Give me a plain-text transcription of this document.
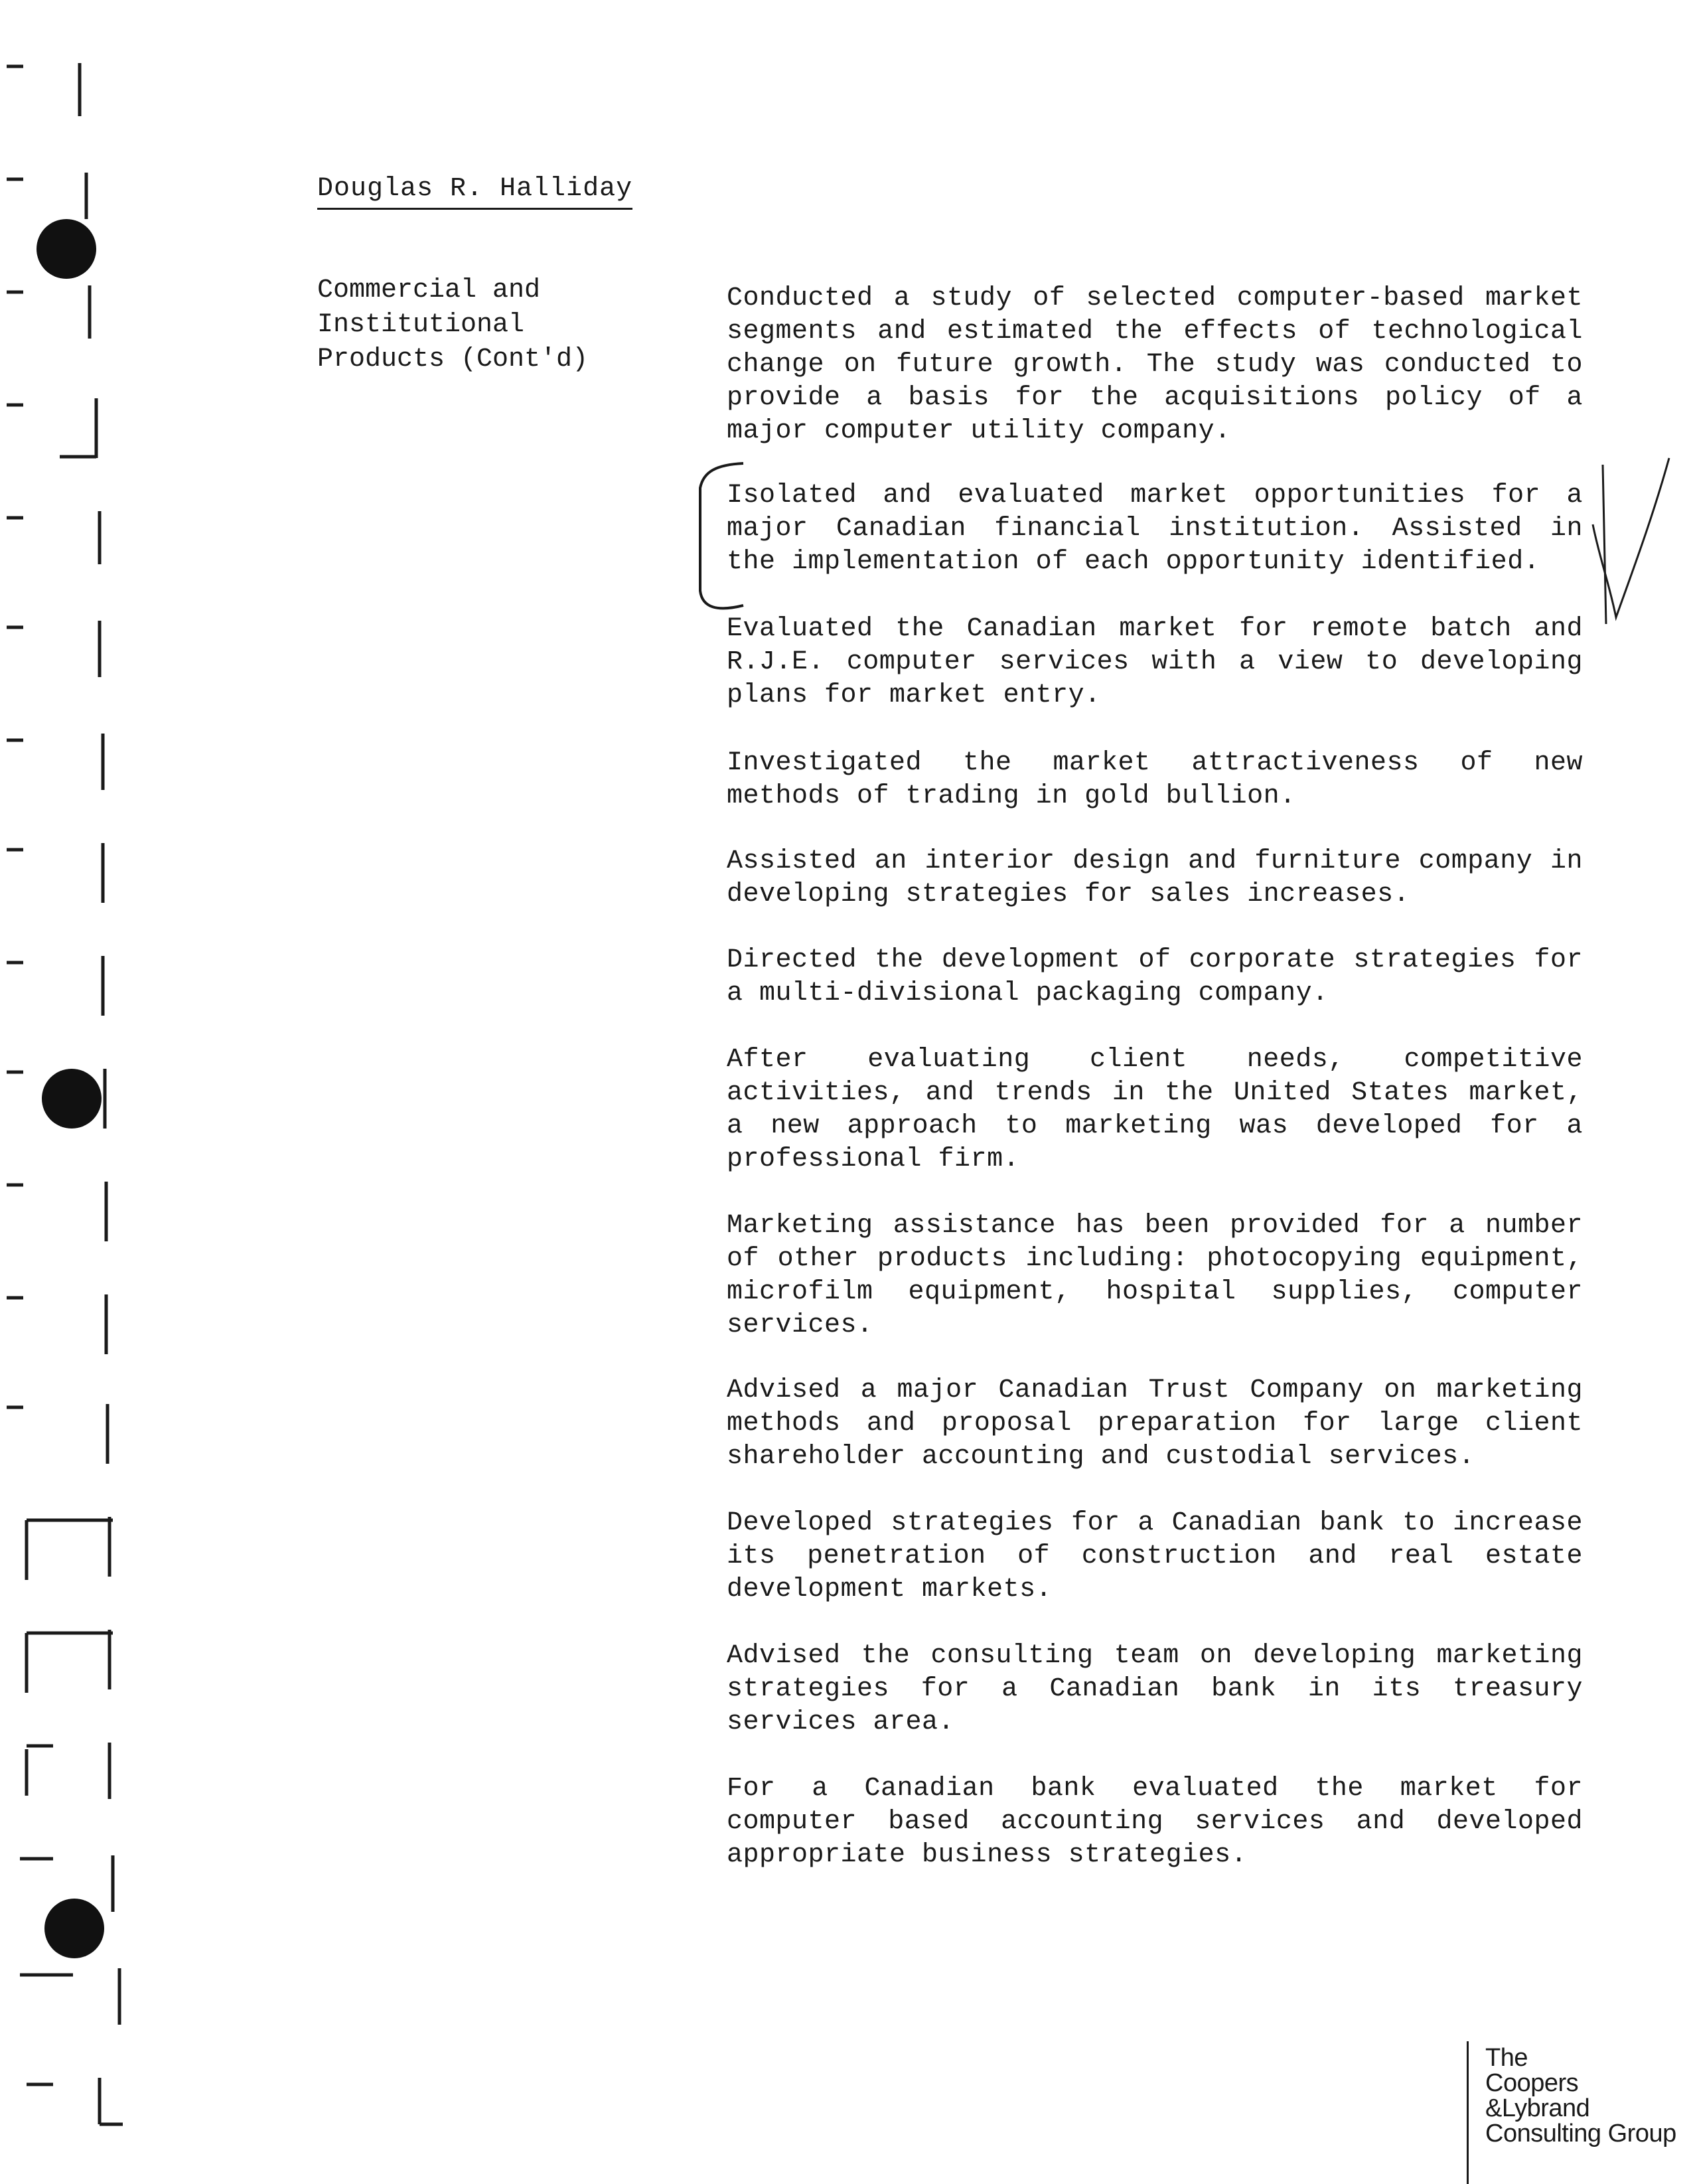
Douglas R. Halliday
Commercial and
Institutional
Products (Cont'd)
Conducted a study of selected computer-based market segments and estimated the effects of technological change on future growth. The study was conducted to provide a basis for the acquisitions policy of a major computer utility company.
Isolated and evaluated market opportunities for a major Canadian financial institution. Assisted in the implementation of each opportunity identified.
Evaluated the Canadian market for remote batch and R.J.E. computer services with a view to developing plans for market entry.
Investigated the market attractiveness of new methods of trading in gold bullion.
Assisted an interior design and furniture company in developing strategies for sales increases.
Directed the development of corporate strategies for a multi-divisional packaging company.
After evaluating client needs, competitive activities, and trends in the United States market, a new approach to marketing was developed for a professional firm.
Marketing assistance has been provided for a number of other products including: photocopying equipment, microfilm equipment, hospital supplies, computer services.
Advised a major Canadian Trust Company on marketing methods and proposal preparation for large client shareholder accounting and custodial services.
Developed strategies for a Canadian bank to increase its penetration of construction and real estate development markets.
Advised the consulting team on developing marketing strategies for a Canadian bank in its treasury services area.
For a Canadian bank evaluated the market for computer based accounting services and developed appropriate business strategies.
The
Coopers
&Lybrand
Consulting Group
